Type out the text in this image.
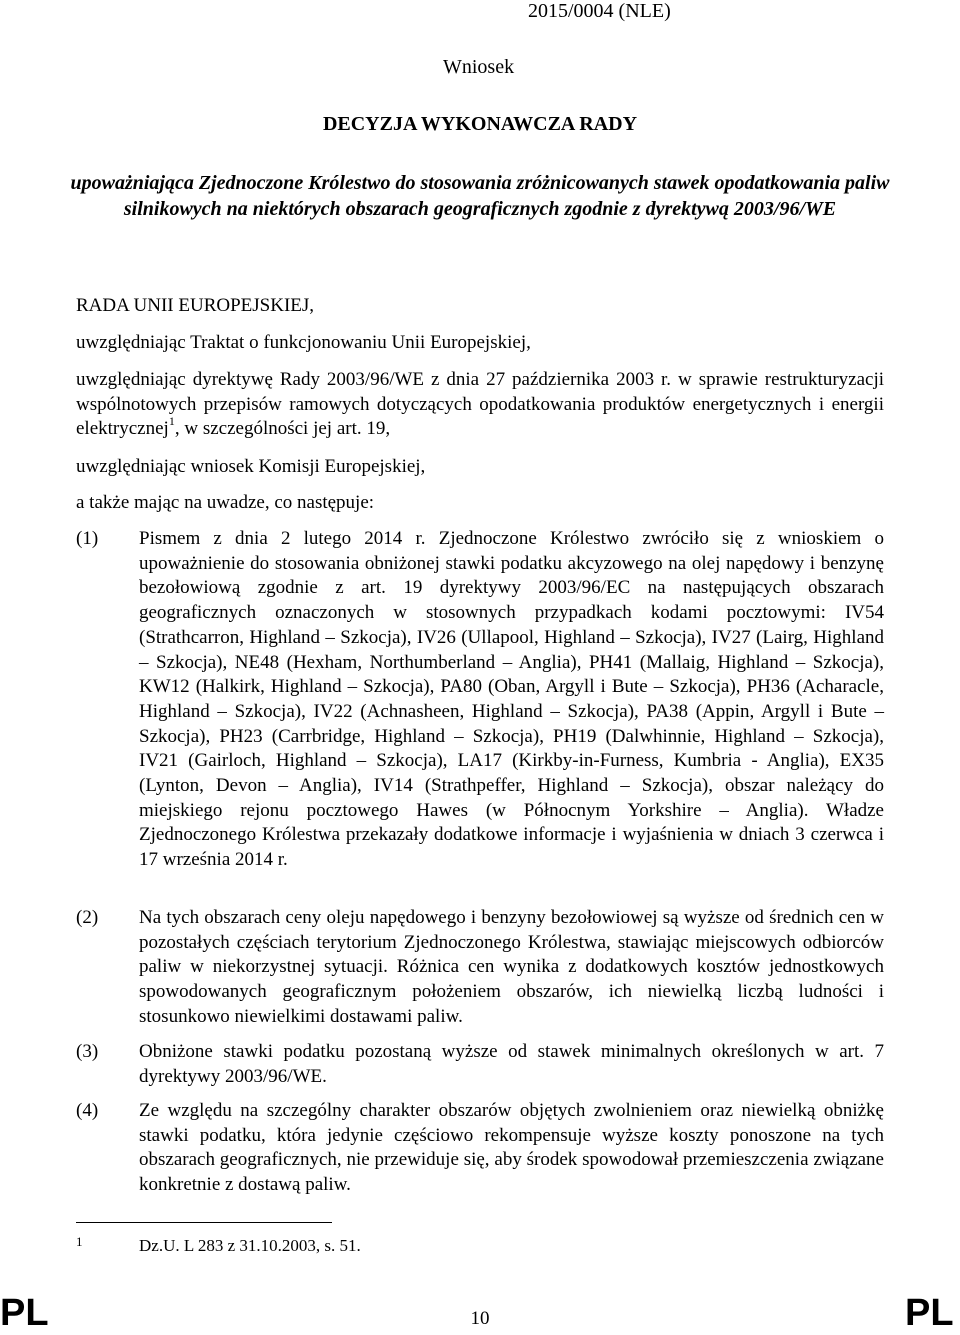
2015/0004 (NLE)
Wniosek
DECYZJA WYKONAWCZA RADY
upoważniająca Zjednoczone Królestwo do stosowania zróżnicowanych stawek opodatkowania paliw silnikowych na niektórych obszarach geograficznych zgodnie z dyrektywą 2003/96/WE
RADA UNII EUROPEJSKIEJ,
uwzględniając Traktat o funkcjonowaniu Unii Europejskiej,
uwzględniając dyrektywę Rady 2003/96/WE z dnia 27 października 2003 r. w sprawie restrukturyzacji wspólnotowych przepisów ramowych dotyczących opodatkowania produktów energetycznych i energii elektrycznej$^1$, w szczególności jej art. 19,
uwzględniając wniosek Komisji Europejskiej,
a także mając na uwadze, co następuje:
(1) Pismem z dnia 2 lutego 2014 r. Zjednoczone Królestwo zwróciło się z wnioskiem o upoważnienie do stosowania obniżonej stawki podatku akcyzowego na olej napędowy i benzynę bezołowiową zgodnie z art. 19 dyrektywy 2003/96/EC na następujących obszarach geograficznych oznaczonych w stosownych przypadkach kodami pocztowymi: IV54 (Strathcarron, Highland – Szkocja), IV26 (Ullapool, Highland – Szkocja), IV27 (Lairg, Highland – Szkocja), NE48 (Hexham, Northumberland – Anglia), PH41 (Mallaig, Highland – Szkocja), KW12 (Halkirk, Highland – Szkocja), PA80 (Oban, Argyll i Bute – Szkocja), PH36 (Acharacle, Highland – Szkocja), IV22 (Achnasheen, Highland – Szkocja), PA38 (Appin, Argyll i Bute – Szkocja), PH23 (Carrbridge, Highland – Szkocja), PH19 (Dalwhinnie, Highland – Szkocja), IV21 (Gairloch, Highland – Szkocja), LA17 (Kirkby-in-Furness, Kumbria - Anglia), EX35 (Lynton, Devon – Anglia), IV14 (Strathpeffer, Highland – Szkocja), obszar należący do miejskiego rejonu pocztowego Hawes (w Północnym Yorkshire – Anglia). Władze Zjednoczonego Królestwa przekazały dodatkowe informacje i wyjaśnienia w dniach 3 czerwca i 17 września 2014 r.
(2) Na tych obszarach ceny oleju napędowego i benzyny bezołowiowej są wyższe od średnich cen w pozostałych częściach terytorium Zjednoczonego Królestwa, stawiając miejscowych odbiorców paliw w niekorzystnej sytuacji. Różnica cen wynika z dodatkowych kosztów jednostkowych spowodowanych geograficznym położeniem obszarów, ich niewielką liczbą ludności i stosunkowo niewielkimi dostawami paliw.
(3) Obniżone stawki podatku pozostaną wyższe od stawek minimalnych określonych w art. 7 dyrektywy 2003/96/WE.
(4) Ze względu na szczególny charakter obszarów objętych zwolnieniem oraz niewielką obniżkę stawki podatku, która jedynie częściowo rekompensuje wyższe koszty ponoszone na tych obszarach geograficznych, nie przewiduje się, aby środek spowodował przemieszczenia związane konkretnie z dostawą paliw.
1	Dz.U. L 283 z 31.10.2003, s. 51.
PL	10	PL
